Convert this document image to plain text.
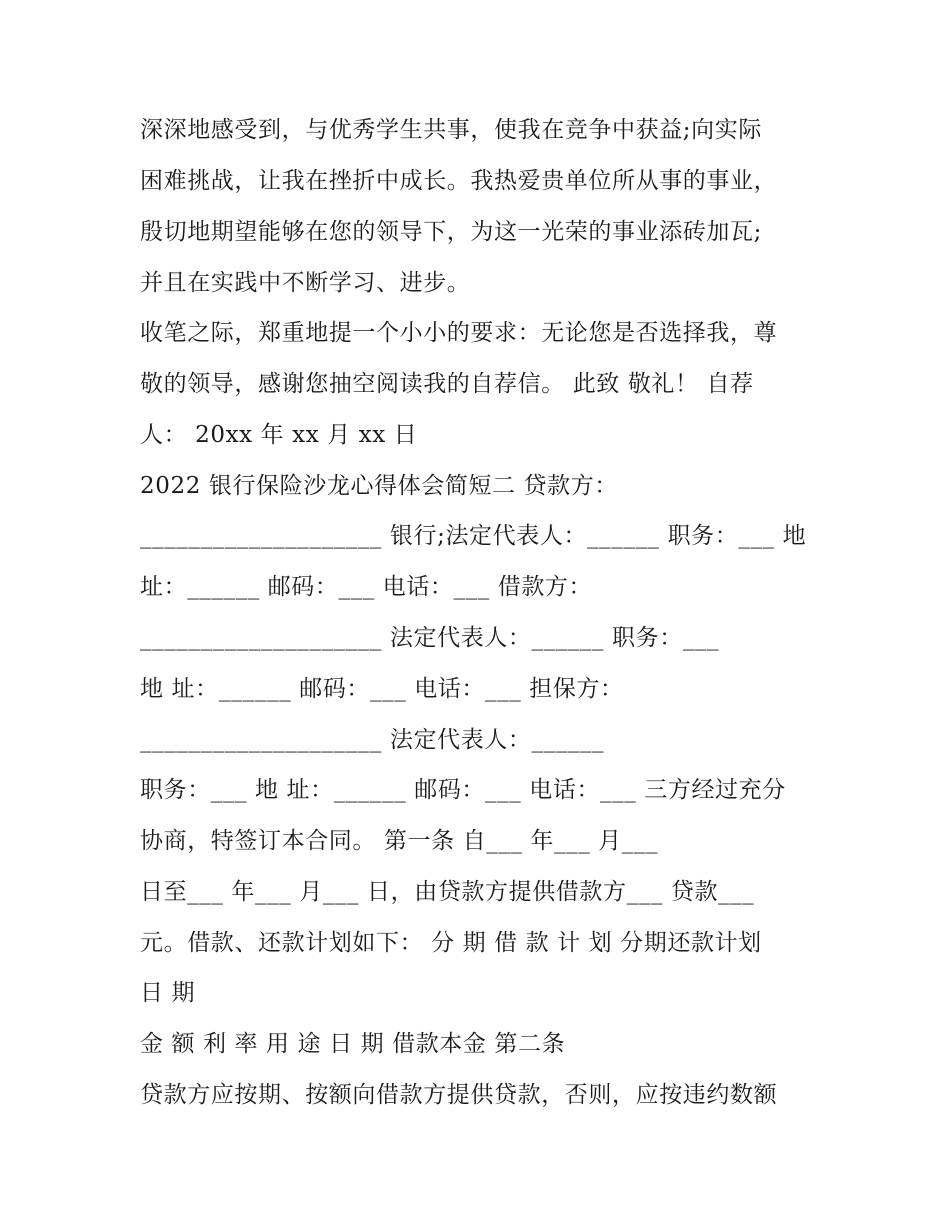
深深地感受到，与优秀学生共事，使我在竞争中获益;向实际
困难挑战，让我在挫折中成长。我热爱贵单位所从事的事业，
殷切地期望能够在您的领导下，为这一光荣的事业添砖加瓦;
并且在实践中不断学习、进步。
收笔之际，郑重地提一个小小的要求：无论您是否选择我，尊
敬的领导，感谢您抽空阅读我的自荐信。 此致 敬礼！ 自荐
人： 20xx 年 xx 月 xx 日
2022 银行保险沙龙心得体会简短二 贷款方：
____________________ 银行;法定代表人：______ 职务：___ 地
址：______ 邮码：___ 电话：___ 借款方：
____________________ 法定代表人：______ 职务：___
地 址：______ 邮码：___ 电话：___ 担保方：
____________________ 法定代表人：______
职务：___ 地 址：______ 邮码：___ 电话：___ 三方经过充分
协商，特签订本合同。 第一条 自___ 年___ 月___
日至___ 年___ 月___ 日，由贷款方提供借款方___ 贷款___
元。借款、还款计划如下： 分 期 借 款 计 划 分期还款计划
日 期
金 额 利 率 用 途 日 期 借款本金 第二条
贷款方应按期、按额向借款方提供贷款，否则，应按违约数额
